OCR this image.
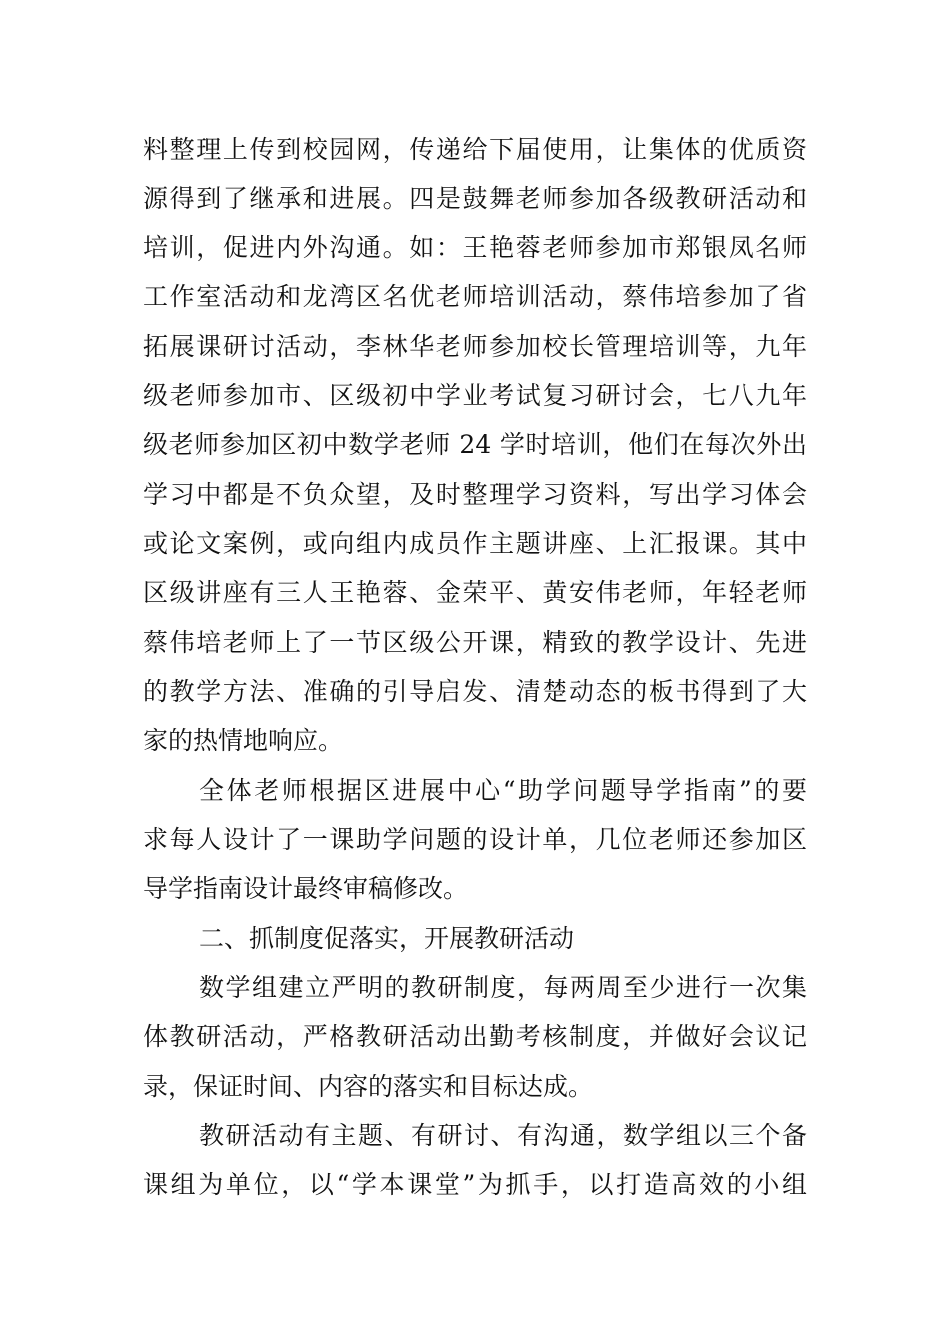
料整理上传到校园网，传递给下届使用，让集体的优质资
源得到了继承和进展。四是鼓舞老师参加各级教研活动和
培训，促进内外沟通。如：王艳蓉老师参加市郑银凤名师
工作室活动和龙湾区名优老师培训活动，蔡伟培参加了省
拓展课研讨活动，李林华老师参加校长管理培训等，九年
级老师参加市、区级初中学业考试复习研讨会，七八九年
级老师参加区初中数学老师 24 学时培训，他们在每次外出
学习中都是不负众望，及时整理学习资料，写出学习体会
或论文案例，或向组内成员作主题讲座、上汇报课。其中
区级讲座有三人王艳蓉、金荣平、黄安伟老师，年轻老师
蔡伟培老师上了一节区级公开课，精致的教学设计、先进
的教学方法、准确的引导启发、清楚动态的板书得到了大
家的热情地响应。
全体老师根据区进展中心“助学问题导学指南”的要
求每人设计了一课助学问题的设计单，几位老师还参加区
导学指南设计最终审稿修改。
二、抓制度促落实，开展教研活动
数学组建立严明的教研制度，每两周至少进行一次集
体教研活动，严格教研活动出勤考核制度，并做好会议记
录，保证时间、内容的落实和目标达成。
教研活动有主题、有研讨、有沟通，数学组以三个备
课组为单位，以“学本课堂”为抓手，以打造高效的小组
